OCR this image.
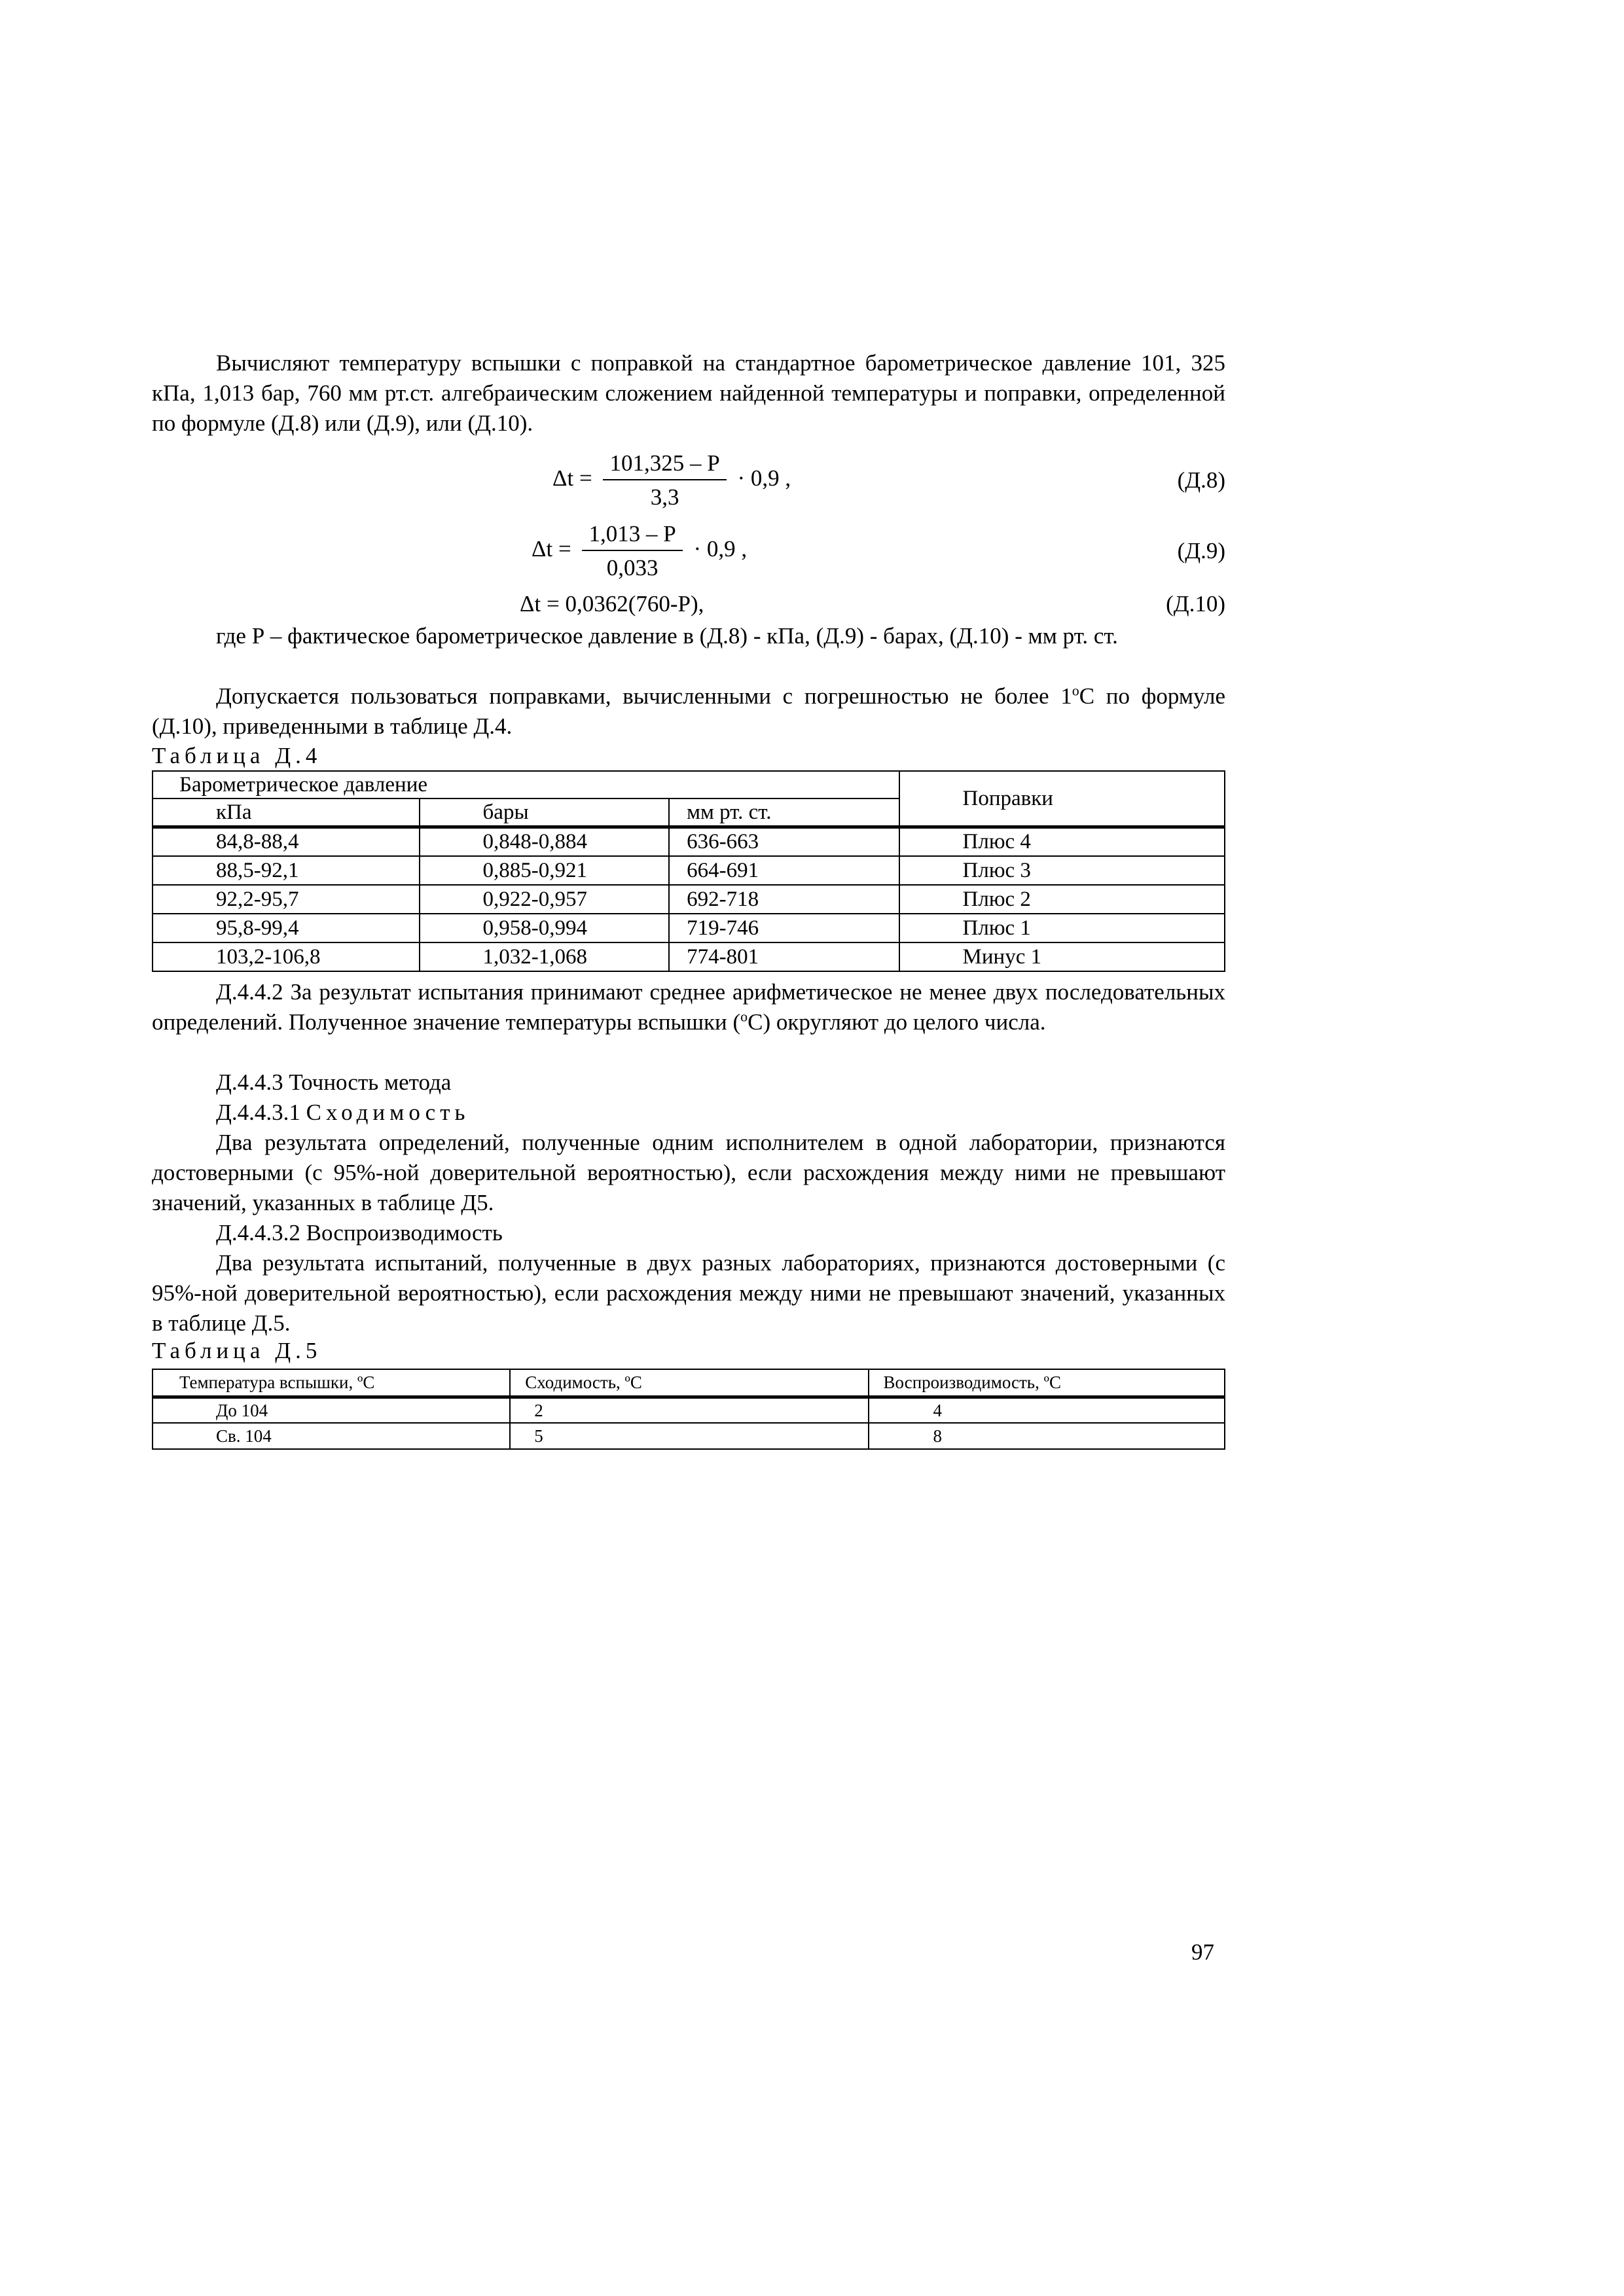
Вычисляют температуру вспышки с поправкой на стандартное барометрическое давление 101, 325 кПа, 1,013 бар, 760 мм рт.ст. алгебраическим сложением найденной температуры и поправки, определенной по формуле (Д.8) или (Д.9), или (Д.10).

$\Delta t = \frac{101,325 - P}{3,3} \cdot 0,9$ ,	(Д.8)
$\Delta t = \frac{1,013 - P}{0,033} \cdot 0,9$ ,	(Д.9)
Δt = 0,0362(760-P),	(Д.10)

где Р – фактическое барометрическое давление в (Д.8) - кПа, (Д.9) - барах, (Д.10) - мм рт. ст.

Допускается пользоваться поправками, вычисленными с погрешностью не более $1^оС$ по формуле (Д.10), приведенными в таблице Д.4.

Таблица Д.4
Барометрическое давление			Поправки
кПа	бары	мм рт. ст.	
84,8-88,4	0,848-0,884	636-663	Плюс 4
88,5-92,1	0,885-0,921	664-691	Плюс 3
92,2-95,7	0,922-0,957	692-718	Плюс 2
95,8-99,4	0,958-0,994	719-746	Плюс 1
103,2-106,8	1,032-1,068	774-801	Минус 1

Д.4.4.2 За результат испытания принимают среднее арифметическое не менее двух последовательных определений. Полученное значение температуры вспышки ($^о$С) округляют до целого числа.

Д.4.4.3 Точность метода

Д.4.4.3.1 Сходимость

Два результата определений, полученные одним исполнителем в одной лаборатории, признаются достоверными (с 95%-ной доверительной вероятностью), если расхождения между ними не превышают значений, указанных в таблице Д5.

Д.4.4.3.2 Воспроизводимость

Два результата испытаний, полученные в двух разных лабораториях, признаются достоверными (с 95%-ной доверительной вероятностью), если расхождения между ними не превышают значений, указанных в таблице Д.5.

Таблица Д.5
Температура вспышки, ºС	Сходимость, ºС	Воспроизводимость, ºС
До 104	2	4
Св. 104	5	8
97
